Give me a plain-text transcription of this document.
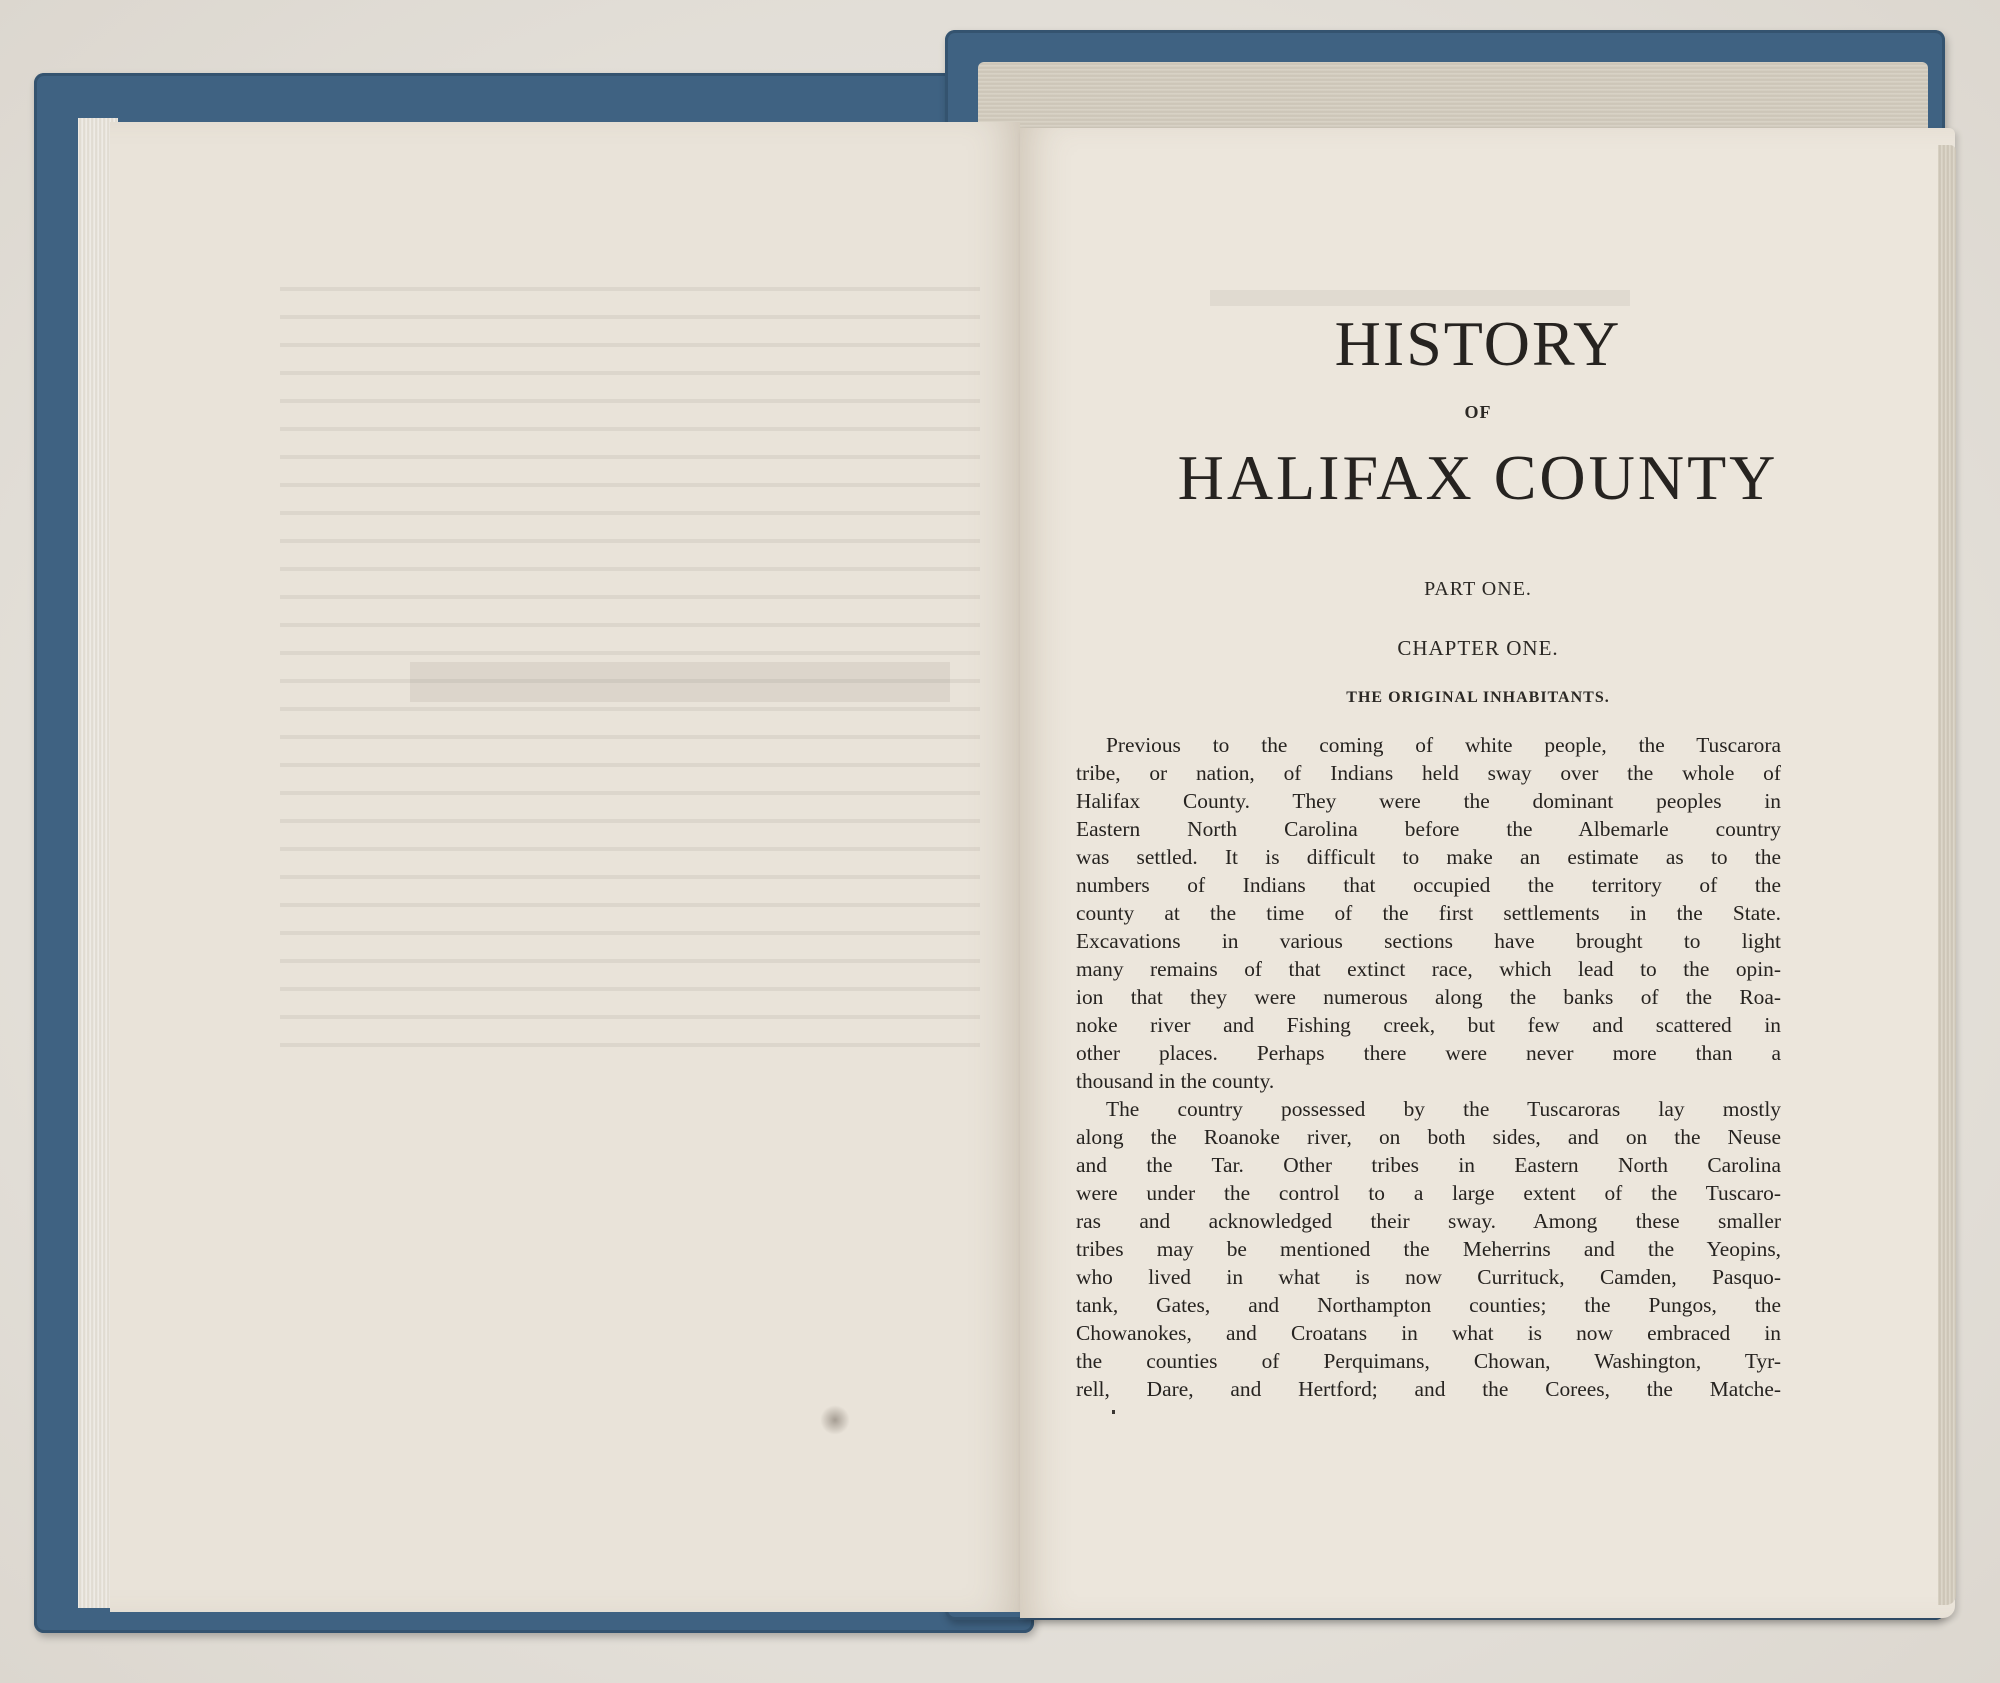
HISTORY
OF
HALIFAX COUNTY
PART ONE.
CHAPTER ONE.
THE ORIGINAL INHABITANTS.
Previous to the coming of white people, the Tuscarora
tribe, or nation, of Indians held sway over the whole of
Halifax County. They were the dominant peoples in
Eastern North Carolina before the Albemarle country
was settled. It is difficult to make an estimate as to the
numbers of Indians that occupied the territory of the
county at the time of the first settlements in the State.
Excavations in various sections have brought to light
many remains of that extinct race, which lead to the opin-
ion that they were numerous along the banks of the Roa-
noke river and Fishing creek, but few and scattered in
other places. Perhaps there were never more than a
thousand in the county.
The country possessed by the Tuscaroras lay mostly
along the Roanoke river, on both sides, and on the Neuse
and the Tar. Other tribes in Eastern North Carolina
were under the control to a large extent of the Tuscaro-
ras and acknowledged their sway. Among these smaller
tribes may be mentioned the Meherrins and the Yeopins,
who lived in what is now Currituck, Camden, Pasquo-
tank, Gates, and Northampton counties; the Pungos, the
Chowanokes, and Croatans in what is now embraced in
the counties of Perquimans, Chowan, Washington, Tyr-
rell, Dare, and Hertford; and the Corees, the Matche-
